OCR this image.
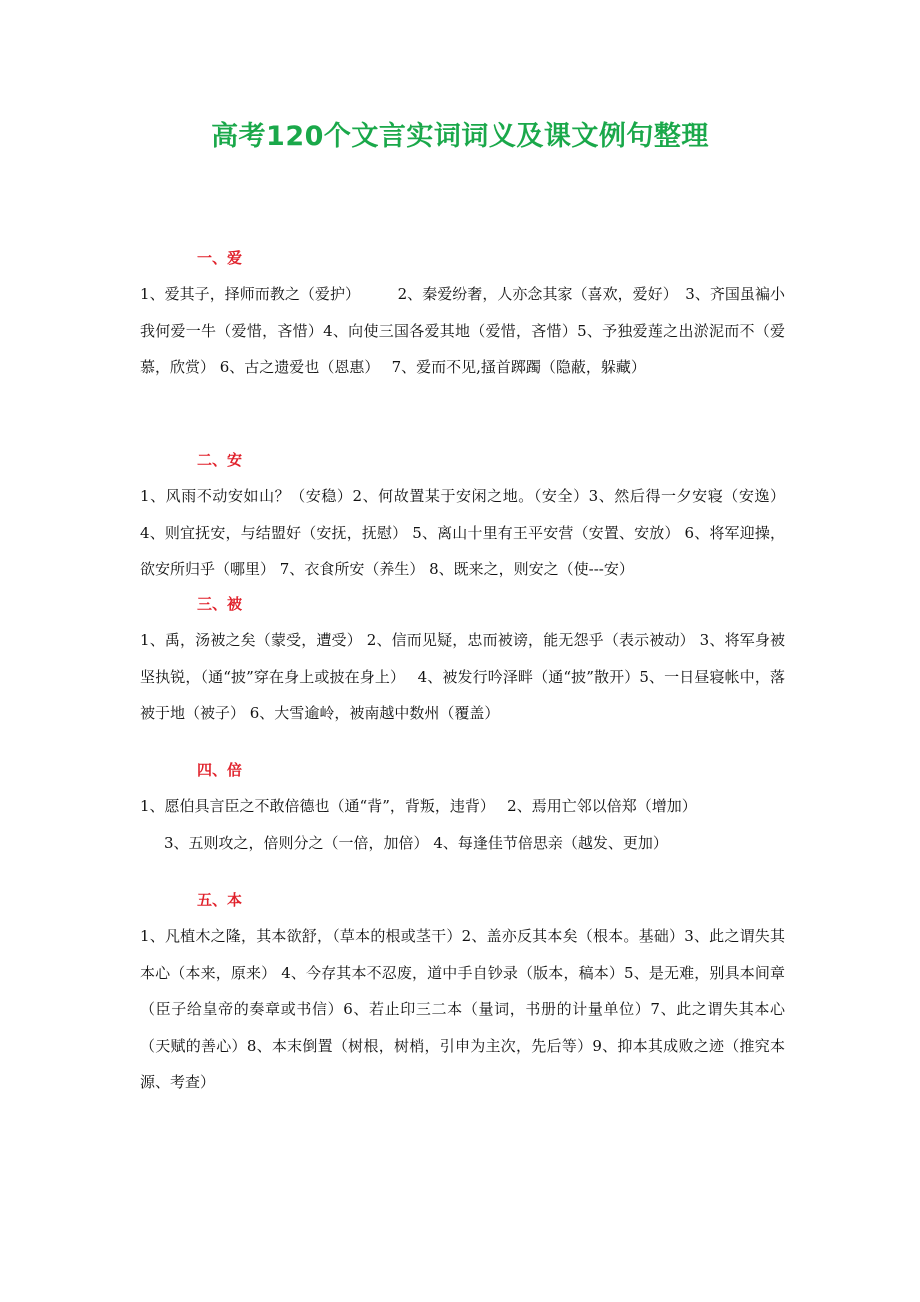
高考120个文言实词词义及课文例句整理
一、爱
1、爱其子，择师而教之（爱护）　　　2、秦爱纷奢，人亦念其家（喜欢，爱好）　3、齐国虽褊小我何爱一牛（爱惜，吝惜）4、向使三国各爱其地（爱惜，吝惜）5、予独爱莲之出淤泥而不（爱慕，欣赏） 6、古之遗爱也（恩惠）　 7、爱而不见,搔首踯躅（隐蔽，躲藏）
二、安
1、风雨不动安如山？（安稳）2、何故置某于安闲之地。（安全）3、然后得一夕安寝（安逸） 4、则宜抚安，与结盟好（安抚，抚慰） 5、离山十里有王平安营（安置、安放） 6、将军迎操，欲安所归乎（哪里） 7、衣食所安（养生） 8、既来之，则安之（使---安）
三、被
1、禹，汤被之矣（蒙受，遭受） 2、信而见疑，忠而被谤，能无怨乎（表示被动） 3、将军身被坚执锐，（通“披”穿在身上或披在身上）　 4、被发行吟泽畔（通“披”散开）5、一日昼寝帐中，落被于地（被子） 6、大雪逾岭，被南越中数州（覆盖）
四、倍
1、愿伯具言臣之不敢倍德也（通“背”，背叛，违背）　 2、焉用亡邻以倍郑（增加）
3、五则攻之，倍则分之（一倍，加倍） 4、每逢佳节倍思亲（越发、更加）
五、本
1、凡植木之隆，其本欲舒，（草本的根或茎干）2、盖亦反其本矣（根本。基础）3、此之谓失其本心（本来，原来） 4、今存其本不忍废，道中手自钞录（版本，稿本）5、是无难，别具本间章（臣子给皇帝的奏章或书信）6、若止印三二本（量词，书册的计量单位）7、此之谓失其本心（天赋的善心）8、本末倒置（树根，树梢，引申为主次，先后等）9、抑本其成败之迹（推究本源、考查）
